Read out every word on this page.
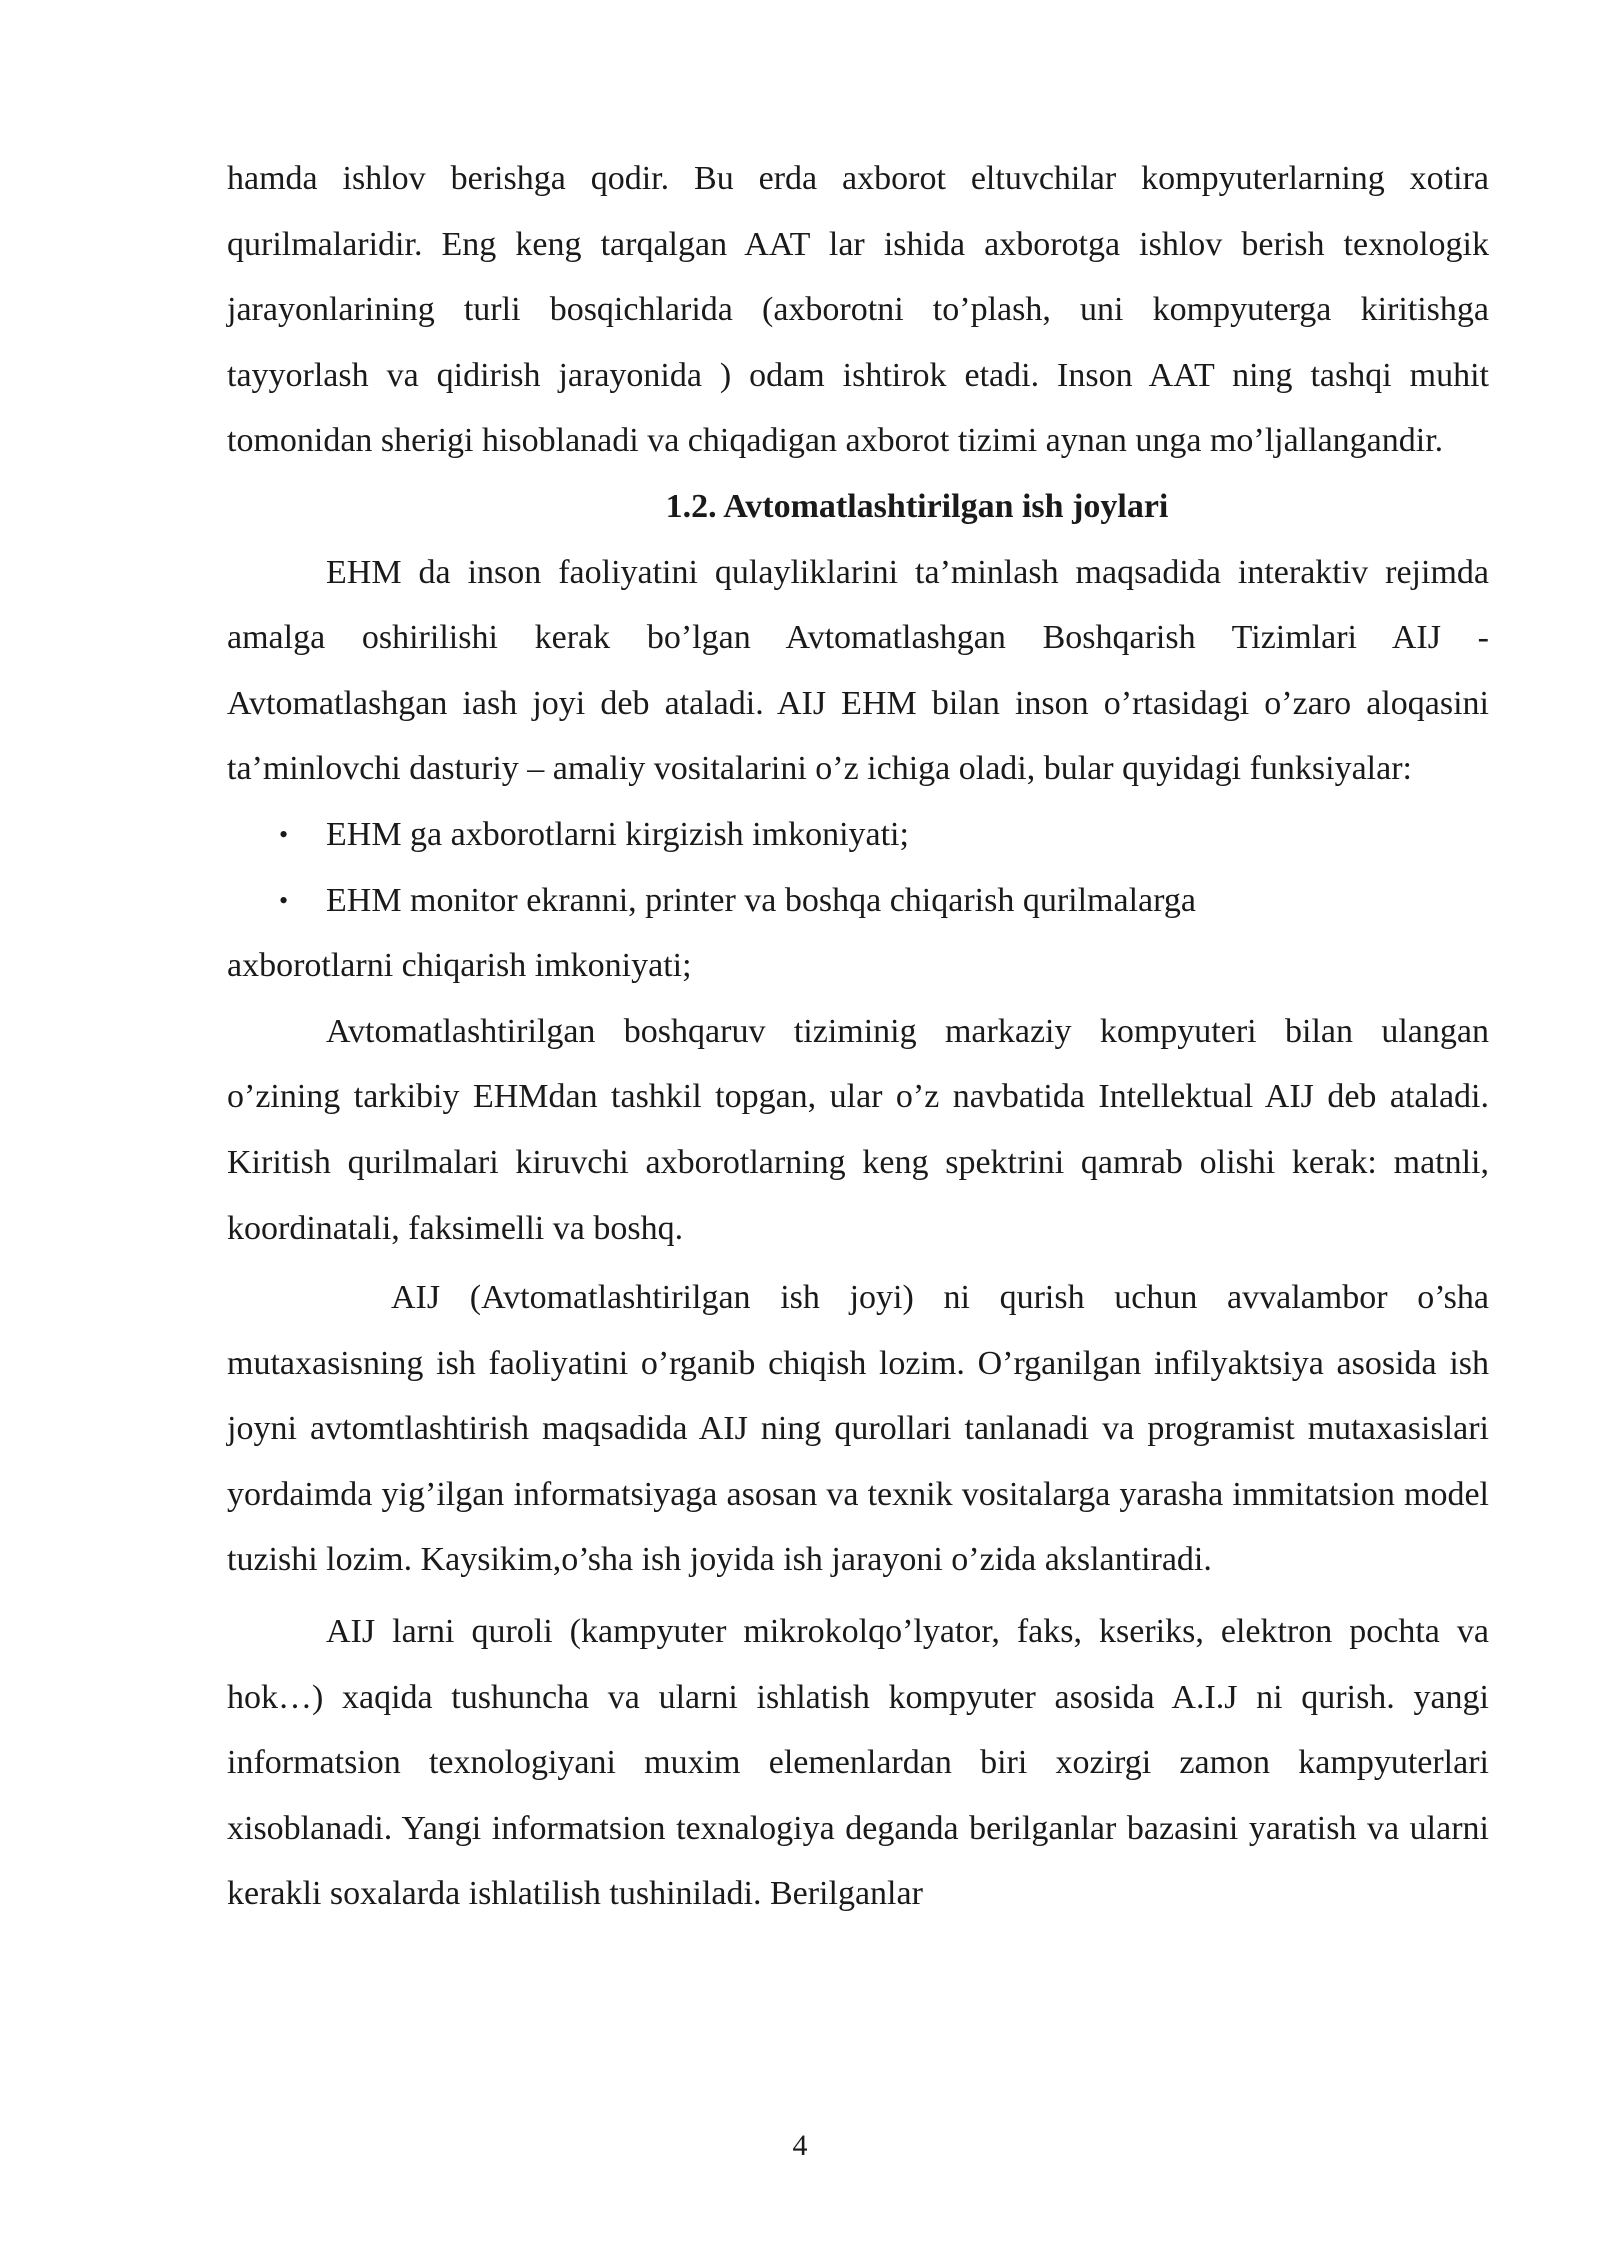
hamda ishlov berishga qodir. Bu erda axborot eltuvchilar kompyuterlarning xotira qurilmalaridir. Eng keng tarqalgan AAT lar ishida axborotga ishlov berish texnologik jarayonlarining turli bosqichlarida (axborotni to’plash, uni kompyuterga kiritishga tayyorlash va qidirish jarayonida ) odam ishtirok etadi. Inson AAT ning tashqi muhit tomonidan sherigi hisoblanadi va chiqadigan axborot tizimi aynan unga mo’ljallangandir.

1.2. Avtomatlashtirilgan ish joylari

EHM da inson faoliyatini qulayliklarini ta’minlash maqsadida interaktiv rejimda amalga oshirilishi kerak bo’lgan Avtomatlashgan Boshqarish Tizimlari AIJ - Avtomatlashgan iash joyi deb ataladi. AIJ EHM bilan inson o’rtasidagi o’zaro aloqasini ta’minlovchi dasturiy – amaliy vositalarini o’z ichiga oladi, bular quyidagi funksiyalar:

• EHM ga axborotlarni kirgizish imkoniyati;
• EHM monitor ekranni, printer va boshqa chiqarish qurilmalarga

axborotlarni chiqarish imkoniyati;

Avtomatlashtirilgan boshqaruv tiziminig markaziy kompyuteri bilan ulangan o’zining tarkibiy EHMdan tashkil topgan, ular o’z navbatida Intellektual AIJ deb ataladi. Kiritish qurilmalari kiruvchi axborotlarning keng spektrini qamrab olishi kerak: matnli, koordinatali, faksimelli va boshq.

AIJ (Avtomatlashtirilgan ish joyi) ni qurish uchun avvalambor o’sha mutaxasisning ish faoliyatini o’rganib chiqish lozim. O’rganilgan infilyaktsiya asosida ish joyni avtomtlashtirish maqsadida AIJ ning qurollari tanlanadi va programist mutaxasislari yordaimda yig’ilgan informatsiyaga asosan va texnik vositalarga yarasha immitatsion model tuzishi lozim. Kaysikim,o’sha ish joyida ish jarayoni o’zida akslantiradi.

AIJ larni quroli (kampyuter mikrokolqo’lyator, faks, kseriks, elektron pochta va hok…) xaqida tushuncha va ularni ishlatish kompyuter asosida A.I.J ni qurish. yangi informatsion texnologiyani muxim elemenlardan biri xozirgi zamon kampyuterlari xisoblanadi. Yangi informatsion texnalogiya deganda berilganlar bazasini yaratish va ularni kerakli soxalarda ishlatilish tushiniladi. Berilganlar

4
